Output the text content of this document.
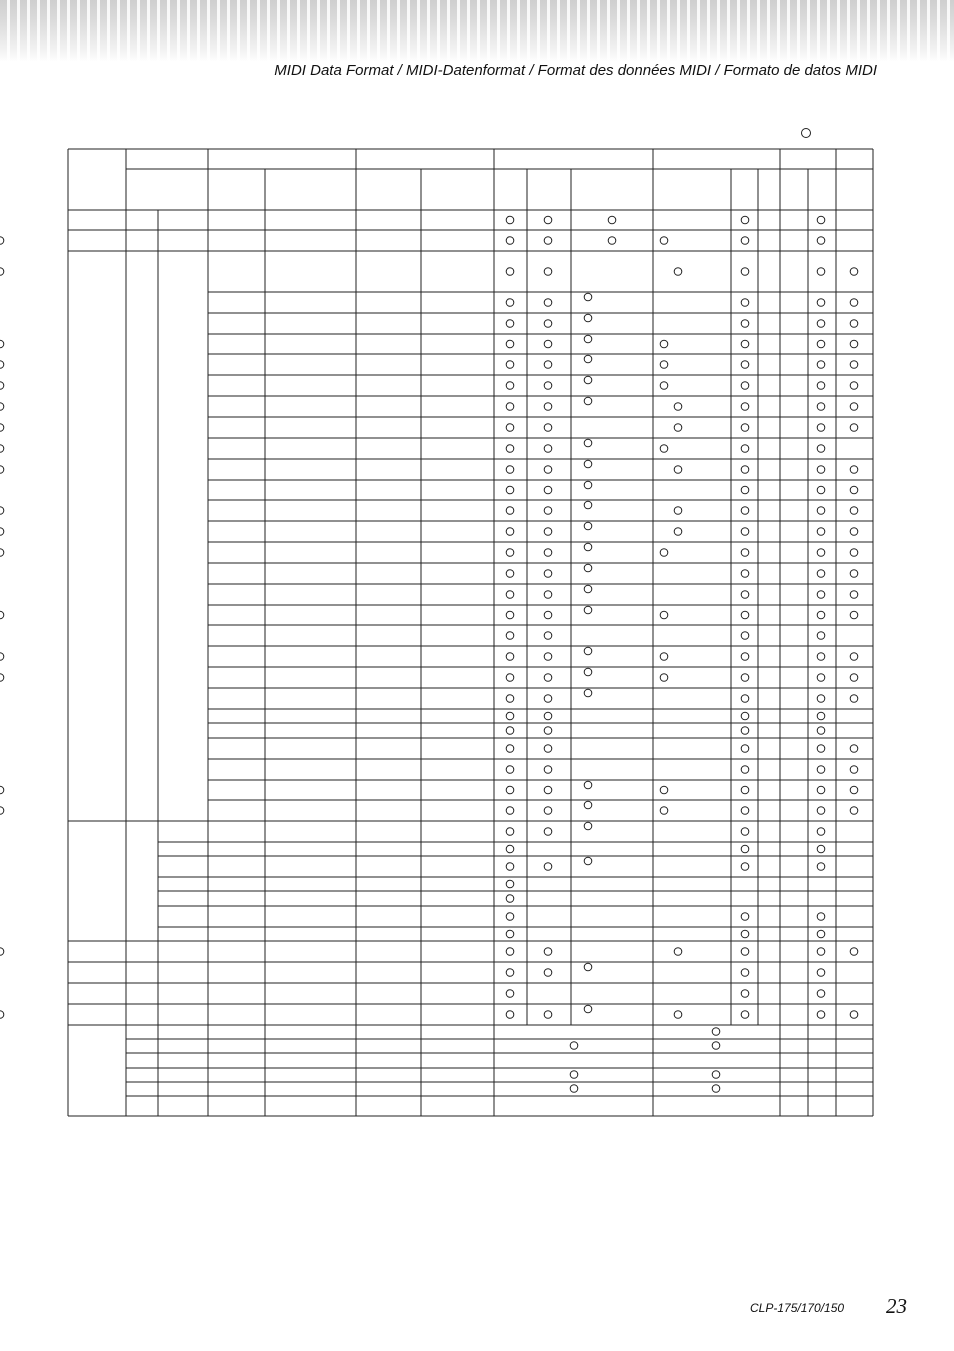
MIDI Data Format / MIDI-Datenformat / Format des données MIDI / Formato de datos MIDI
CLP-175/170/150 23
